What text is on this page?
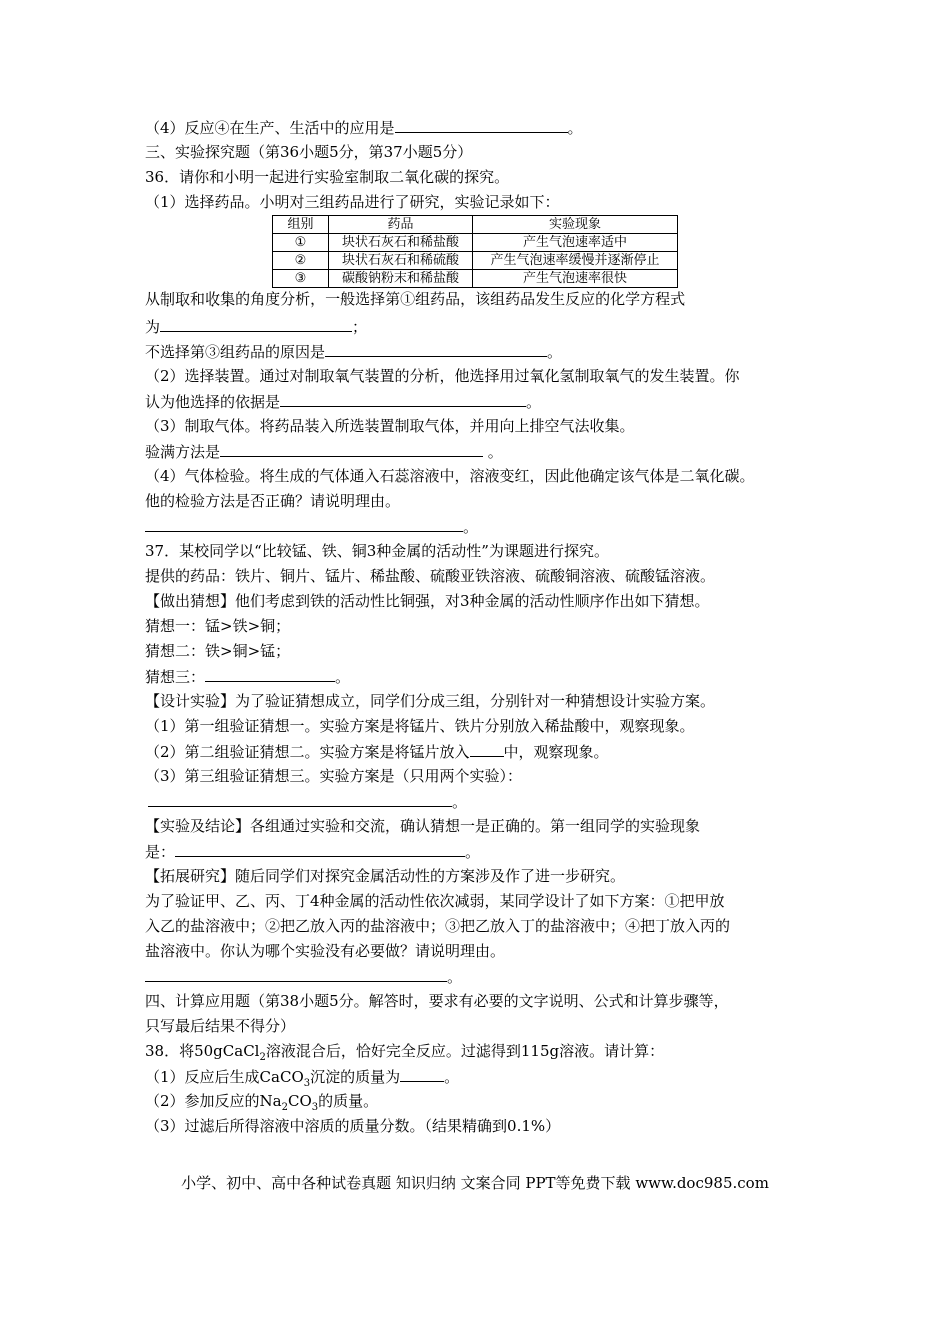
（4）反应④在生产、生活中的应用是	。
三、实验探究题（第36小题5分，第37小题5分）
36．请你和小明一起进行实验室制取二氧化碳的探究。
（1）选择药品。小明对三组药品进行了研究，实验记录如下：
组别	药品	实验现象
①	块状石灰石和稀盐酸	产生气泡速率适中
②	块状石灰石和稀硫酸	产生气泡速率缓慢并逐渐停止
③	碳酸钠粉末和稀盐酸	产生气泡速率很快
从制取和收集的角度分析，一般选择第①组药品，该组药品发生反应的化学方程式
为	；
不选择第③组药品的原因是	。
（2）选择装置。通过对制取氧气装置的分析，他选择用过氧化氢制取氧气的发生装置。你
认为他选择的依据是	。
（3）制取气体。将药品装入所选装置制取气体，并用向上排空气法收集。
验满方法是	。
（4）气体检验。将生成的气体通入石蕊溶液中，溶液变红，因此他确定该气体是二氧化碳。
他的检验方法是否正确？请说明理由。
。
37．某校同学以“比较锰、铁、铜3种金属的活动性”为课题进行探究。
提供的药品：铁片、铜片、锰片、稀盐酸、硫酸亚铁溶液、硫酸铜溶液、硫酸锰溶液。
【做出猜想】他们考虑到铁的活动性比铜强，对3种金属的活动性顺序作出如下猜想。
猜想一：锰>铁>铜；
猜想二：铁>铜>锰；
猜想三：	。
【设计实验】为了验证猜想成立，同学们分成三组，分别针对一种猜想设计实验方案。
（1）第一组验证猜想一。实验方案是将锰片、铁片分别放入稀盐酸中，观察现象。
（2）第二组验证猜想二。实验方案是将锰片放入 中，观察现象。
（3）第三组验证猜想三。实验方案是（只用两个实验）：
。
【实验及结论】各组通过实验和交流，确认猜想一是正确的。第一组同学的实验现象
是：	。
【拓展研究】随后同学们对探究金属活动性的方案涉及作了进一步研究。
为了验证甲、乙、丙、丁4种金属的活动性依次减弱，某同学设计了如下方案：①把甲放
入乙的盐溶液中；②把乙放入丙的盐溶液中；③把乙放入丁的盐溶液中；④把丁放入丙的
盐溶液中。你认为哪个实验没有必要做？请说明理由。
。
四、计算应用题（第38小题5分。解答时，要求有必要的文字说明、公式和计算步骤等，
只写最后结果不得分）
38．将50gCaCl$_2$溶液混合后，恰好完全反应。过滤得到115g溶液。请计算：
（1）反应后生成CaCO$_3$沉淀的质量为	。
（2）参加反应的$Na_2CO_3$的质量。
（3）过滤后所得溶液中溶质的质量分数。（结果精确到0.1%）
小学、初中、高中各种试卷真题 知识归纳 文案合同 PPT等免费下载 www.doc985.com
